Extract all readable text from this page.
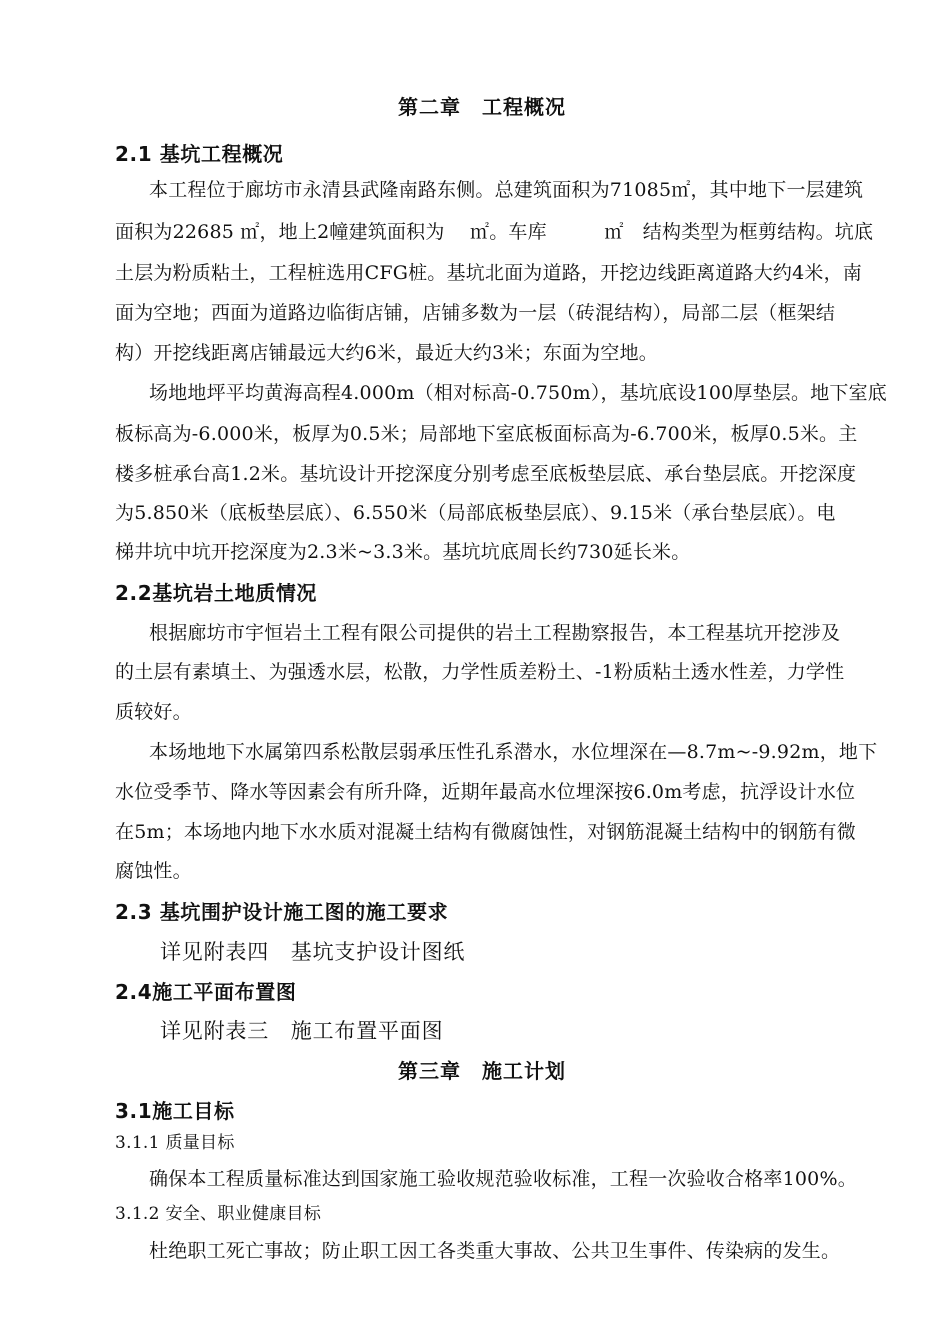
第二章　工程概况
2.1 基坑工程概况
本工程位于廊坊市永清县武隆南路东侧。总建筑面积为71085㎡，其中地下一层建筑
面积为22685 ㎡，地上2幢建筑面积为　 ㎡。车库　　　㎡　结构类型为框剪结构。坑底
土层为粉质粘土，工程桩选用CFG桩。基坑北面为道路，开挖边线距离道路大约4米，南
面为空地；西面为道路边临街店铺，店铺多数为一层（砖混结构），局部二层（框架结
构）开挖线距离店铺最远大约6米，最近大约3米；东面为空地。
场地地坪平均黄海高程4.000m（相对标高-0.750m），基坑底设100厚垫层。地下室底
板标高为-6.000米，板厚为0.5米；局部地下室底板面标高为-6.700米，板厚0.5米。主
楼多桩承台高1.2米。基坑设计开挖深度分别考虑至底板垫层底、承台垫层底。开挖深度
为5.850米（底板垫层底）、6.550米（局部底板垫层底）、9.15米（承台垫层底）。电
梯井坑中坑开挖深度为2.3米~3.3米。基坑坑底周长约730延长米。
2.2基坑岩土地质情况
根据廊坊市宇恒岩土工程有限公司提供的岩土工程勘察报告，本工程基坑开挖涉及
的土层有素填土、为强透水层，松散，力学性质差粉土、-1粉质粘土透水性差，力学性
质较好。
本场地地下水属第四系松散层弱承压性孔系潜水，水位埋深在—8.7m~-9.92m，地下
水位受季节、降水等因素会有所升降，近期年最高水位埋深按6.0m考虑，抗浮设计水位
在5m；本场地内地下水水质对混凝土结构有微腐蚀性，对钢筋混凝土结构中的钢筋有微
腐蚀性。
2.3 基坑围护设计施工图的施工要求
详见附表四　基坑支护设计图纸
2.4施工平面布置图
详见附表三　施工布置平面图
第三章　施工计划
3.1施工目标
3.1.1 质量目标
确保本工程质量标准达到国家施工验收规范验收标准，工程一次验收合格率100%。
3.1.2 安全、职业健康目标
杜绝职工死亡事故；防止职工因工各类重大事故、公共卫生事件、传染病的发生。
